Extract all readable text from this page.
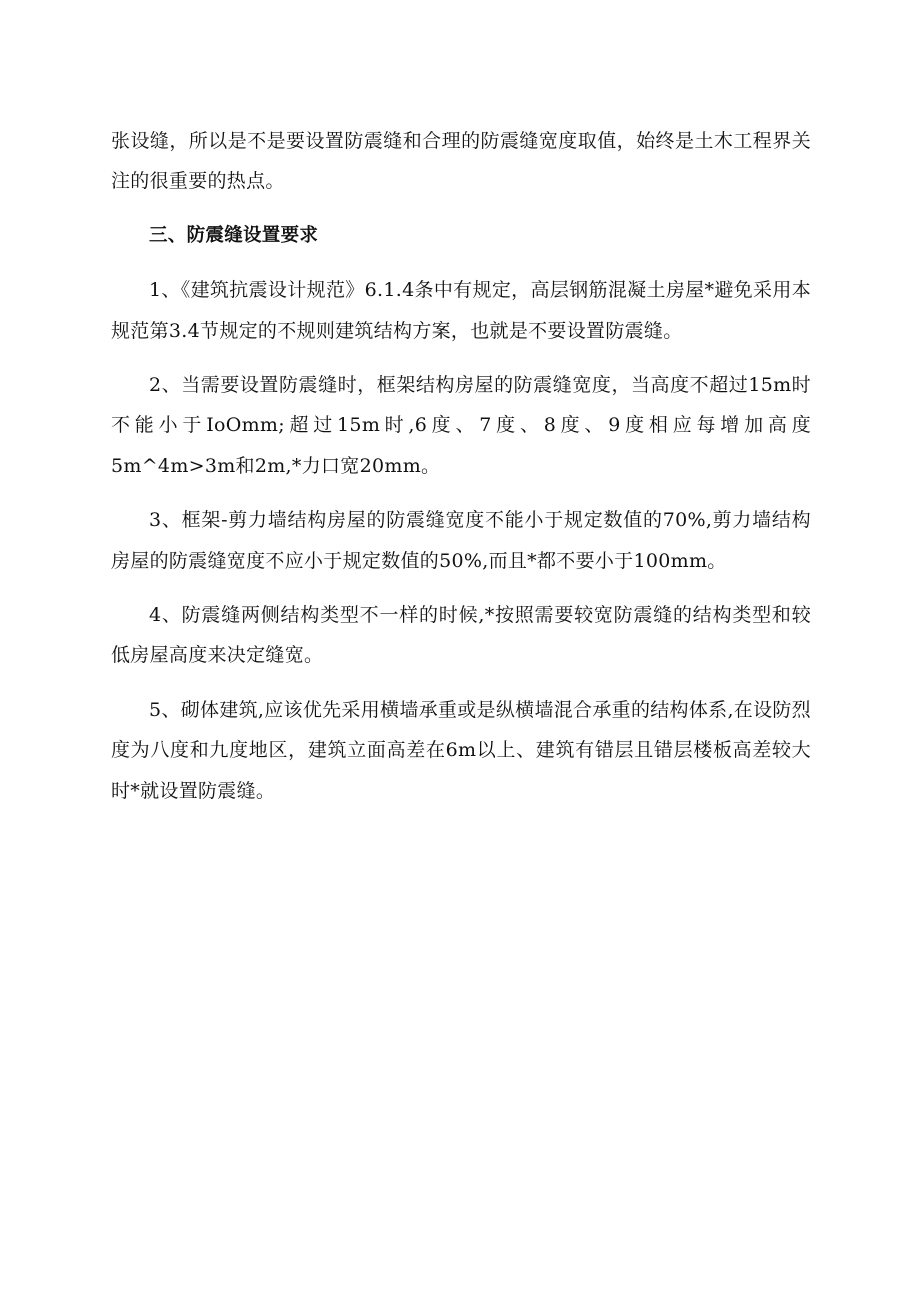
张设缝，所以是不是要设置防震缝和合理的防震缝宽度取值，始终是土木工程界关注的很重要的热点。

三、防震缝设置要求

1、《建筑抗震设计规范》6.1.4条中有规定，高层钢筋混凝土房屋*避免采用本规范第3.4节规定的不规则建筑结构方案，也就是不要设置防震缝。

2、当需要设置防震缝时，框架结构房屋的防震缝宽度，当高度不超过15m时不能小于IoOmm;超过15m时,6度、7度、8度、9度相应每增加高度5m^4m>3m和2m,*力口宽20mm。

3、框架-剪力墙结构房屋的防震缝宽度不能小于规定数值的70%,剪力墙结构房屋的防震缝宽度不应小于规定数值的50%,而且*都不要小于100mm。

4、防震缝两侧结构类型不一样的时候,*按照需要较宽防震缝的结构类型和较低房屋高度来决定缝宽。

5、砌体建筑,应该优先采用横墙承重或是纵横墙混合承重的结构体系,在设防烈度为八度和九度地区，建筑立面高差在6m以上、建筑有错层且错层楼板高差较大时*就设置防震缝。
